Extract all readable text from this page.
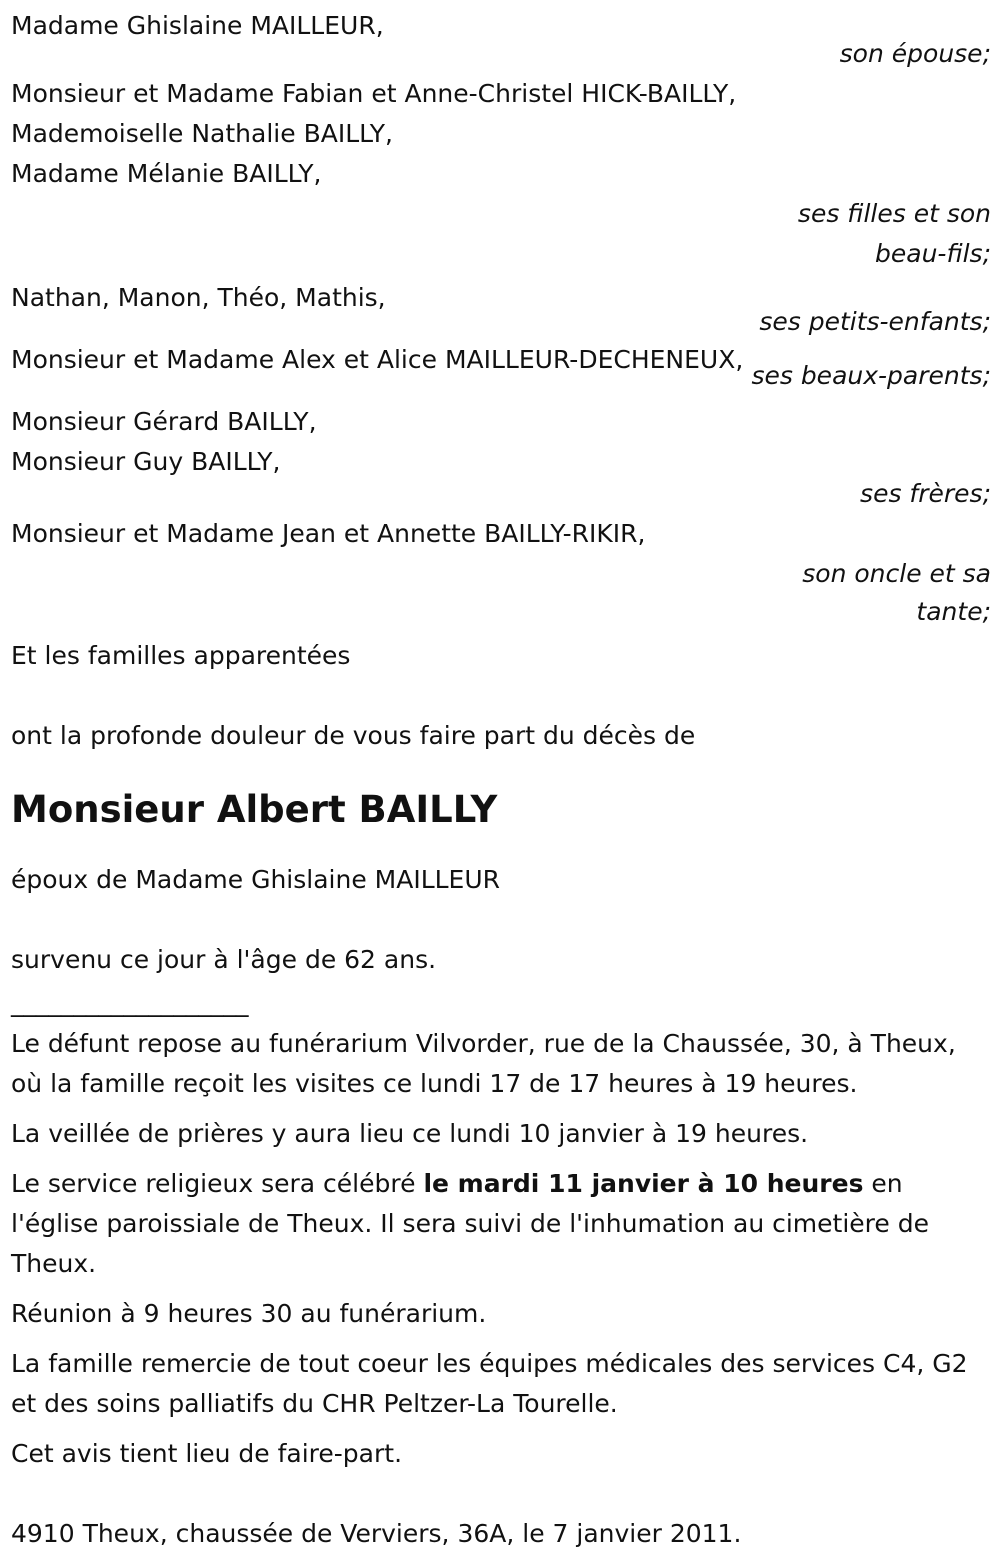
Madame Ghislaine MAILLEUR,
son épouse;
Monsieur et Madame Fabian et Anne-Christel HICK-BAILLY,
Mademoiselle Nathalie BAILLY,
Madame Mélanie BAILLY,
ses filles et son
beau-fils;
Nathan, Manon, Théo, Mathis,
ses petits-enfants;
Monsieur et Madame Alex et Alice MAILLEUR-DECHENEUX,
ses beaux-parents;
Monsieur Gérard BAILLY,
Monsieur Guy BAILLY,
ses frères;
Monsieur et Madame Jean et Annette BAILLY-RIKIR,
son oncle et sa
tante;
Et les familles apparentées
ont la profonde douleur de vous faire part du décès de
Monsieur Albert BAILLY
époux de Madame Ghislaine MAILLEUR
survenu ce jour à l'âge de 62 ans.
___________________
Le défunt repose au funérarium Vilvorder, rue de la Chaussée, 30, à Theux, où la famille reçoit les visites ce lundi 17 de 17 heures à 19 heures.
La veillée de prières y aura lieu ce lundi 10 janvier à 19 heures.
Le service religieux sera célébré le mardi 11 janvier à 10 heures en l'église paroissiale de Theux. Il sera suivi de l'inhumation au cimetière de Theux.
Réunion à 9 heures 30 au funérarium.
La famille remercie de tout coeur les équipes médicales des services C4, G2 et des soins palliatifs du CHR Peltzer-La Tourelle.
Cet avis tient lieu de faire-part.
4910 Theux, chaussée de Verviers, 36A, le 7 janvier 2011.
